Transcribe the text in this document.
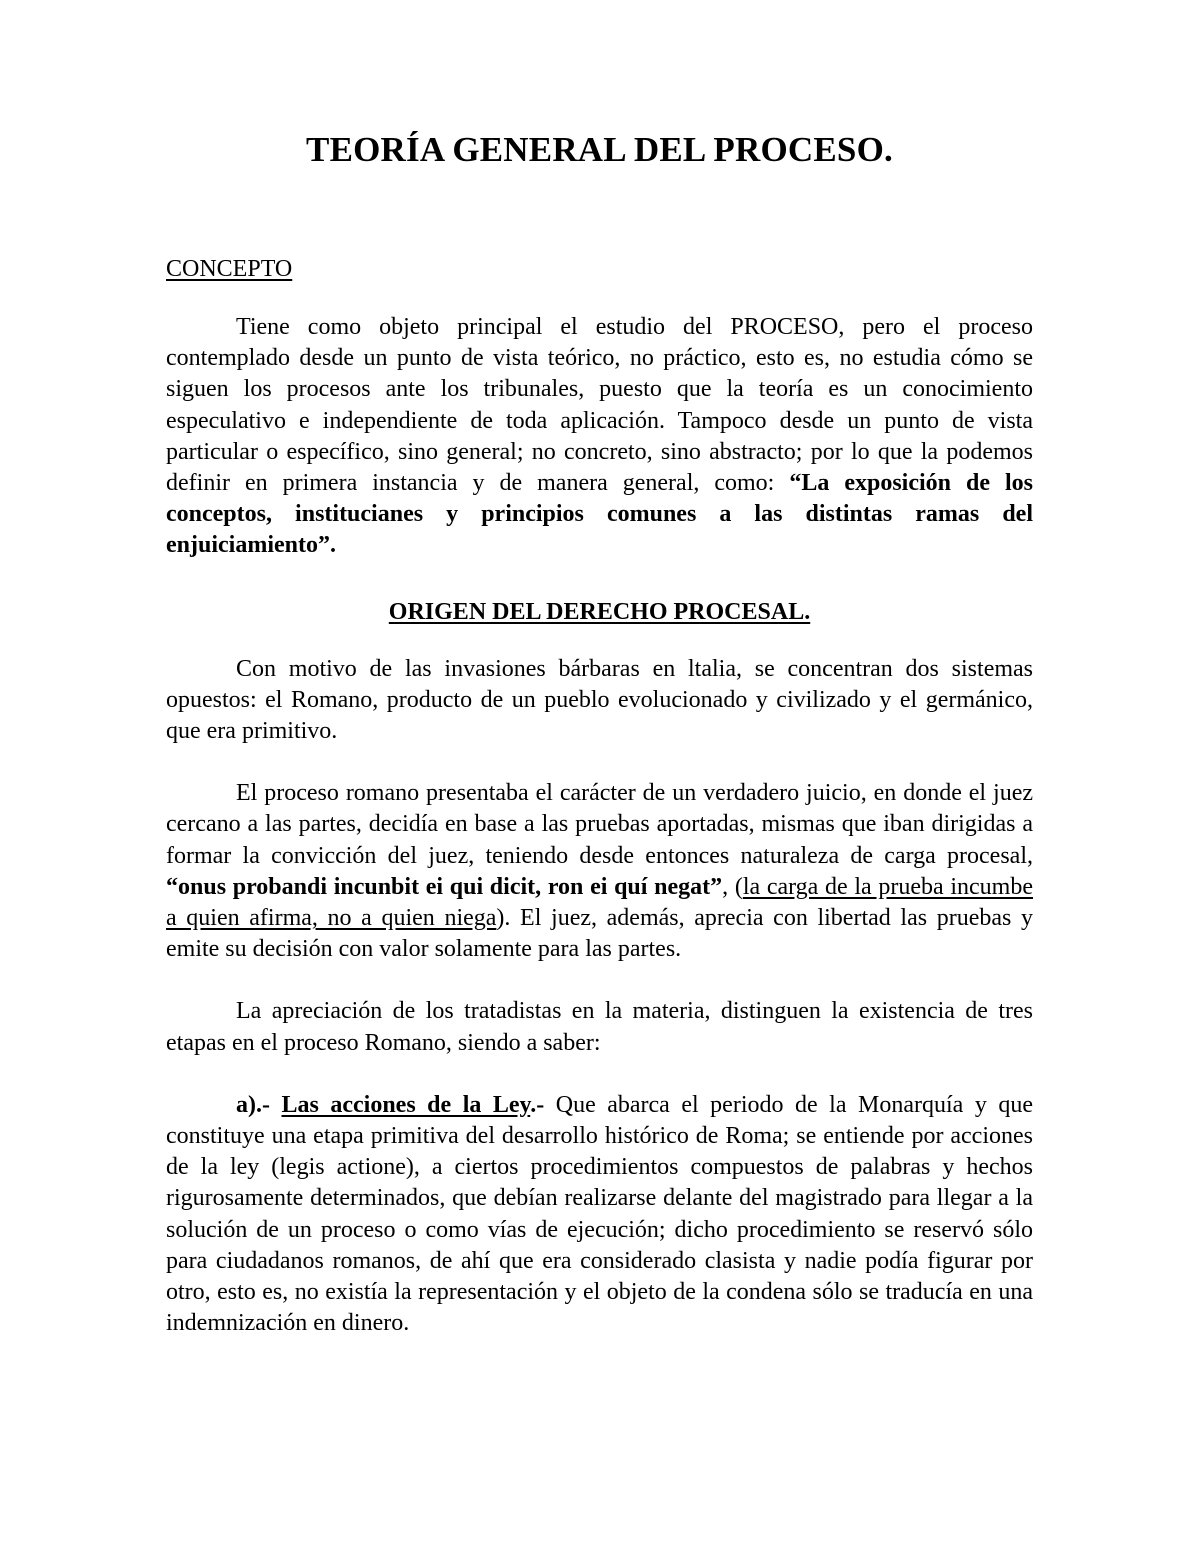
TEORÍA GENERAL DEL PROCESO.
CONCEPTO

Tiene como objeto principal el estudio del PROCESO, pero el proceso contemplado desde un punto de vista teórico, no práctico, esto es, no estudia cómo se siguen los procesos ante los tribunales, puesto que la teoría es un conocimiento especulativo e independiente de toda aplicación. Tampoco desde un punto de vista particular o específico, sino general; no concreto, sino abstracto; por lo que la podemos definir en primera instancia y de manera general, como: “La exposición de los conceptos, institucianes y principios comunes a las distintas ramas del enjuiciamiento”.

ORIGEN DEL DERECHO PROCESAL.

Con motivo de las invasiones bárbaras en ltalia, se concentran dos sistemas opuestos: el Romano, producto de un pueblo evolucionado y civilizado y el germánico, que era primitivo.

El proceso romano presentaba el carácter de un verdadero juicio, en donde el juez cercano a las partes, decidía en base a las pruebas aportadas, mismas que iban dirigidas a formar la convicción del juez, teniendo desde entonces naturaleza de carga procesal, “onus probandi incunbit ei qui dicit, ron ei quí negat”, (la carga de la prueba incumbe a quien afirma, no a quien niega). El juez, además, aprecia con libertad las pruebas y emite su decisión con valor solamente para las partes.

La apreciación de los tratadistas en la materia, distinguen la existencia de tres etapas en el proceso Romano, siendo a saber:

a).- Las acciones de la Ley.- Que abarca el periodo de la Monarquía y que constituye una etapa primitiva del desarrollo histórico de Roma; se entiende por acciones de la ley (legis actione), a ciertos procedimientos compuestos de palabras y hechos rigurosamente determinados, que debían realizarse delante del magistrado para llegar a la solución de un proceso o como vías de ejecución; dicho procedimiento se reservó sólo para ciudadanos romanos, de ahí que era considerado clasista y nadie podía figurar por otro, esto es, no existía la representación y el objeto de la condena sólo se traducía en una indemnización en dinero.
